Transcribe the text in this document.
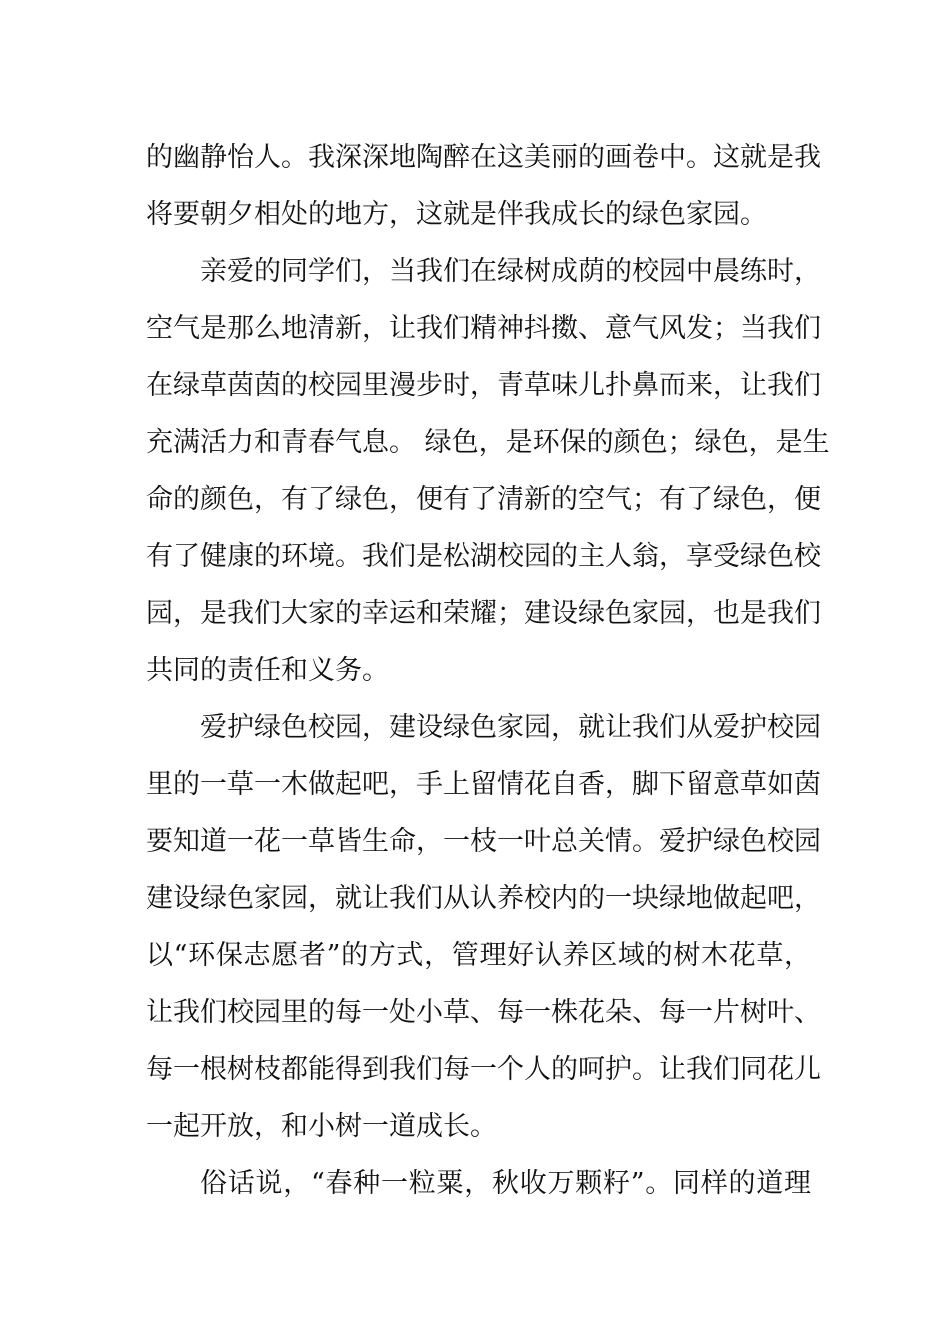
的幽静怡人。我深深地陶醉在这美丽的画卷中。这就是我
将要朝夕相处的地方，这就是伴我成长的绿色家园。
亲爱的同学们，当我们在绿树成荫的校园中晨练时，
空气是那么地清新，让我们精神抖擞、意气风发；当我们
在绿草茵茵的校园里漫步时，青草味儿扑鼻而来，让我们
充满活力和青春气息。 绿色，是环保的颜色；绿色，是生
命的颜色，有了绿色，便有了清新的空气；有了绿色，便
有了健康的环境。我们是松湖校园的主人翁，享受绿色校
园，是我们大家的幸运和荣耀；建设绿色家园，也是我们
共同的责任和义务。
爱护绿色校园，建设绿色家园，就让我们从爱护校园
里的一草一木做起吧，手上留情花自香，脚下留意草如茵
要知道一花一草皆生命，一枝一叶总关情。爱护绿色校园
建设绿色家园，就让我们从认养校内的一块绿地做起吧，
以“环保志愿者”的方式，管理好认养区域的树木花草，
让我们校园里的每一处小草、每一株花朵、每一片树叶、
每一根树枝都能得到我们每一个人的呵护。让我们同花儿
一起开放，和小树一道成长。
俗话说，“春种一粒粟，秋收万颗籽”。同样的道理
